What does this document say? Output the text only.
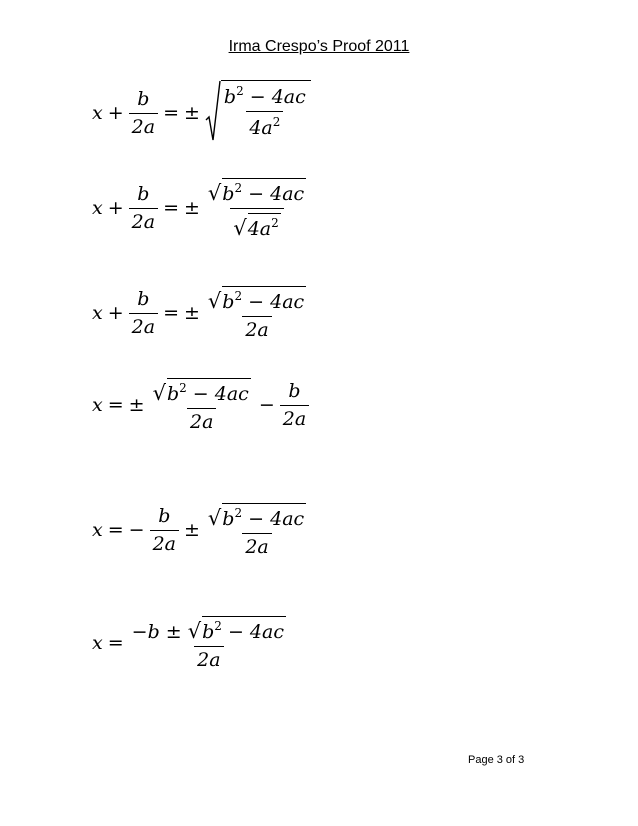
Irma Crespo’s Proof 2011
$x + \frac{b}{2a}$ = ± $\frac{b^2 - 4ac}{4a^2}$
$x + \frac{b}{2a}$ = ± $\frac{√ b^2 - 4ac}{√ 4a^2}$
$x + \frac{b}{2a}$ = ± $\frac{√ b^2 - 4ac}{2a}$
x = ± $\frac{√ b^2 - 4ac}{2a} - \frac{b}{2a}$
x = − $\frac{b}{2a} \pm \frac{√ b^2 - 4ac}{2a}$
$x = \frac{-b \pm √ b^2 - 4ac}{2a}$
Page 3 of 3
